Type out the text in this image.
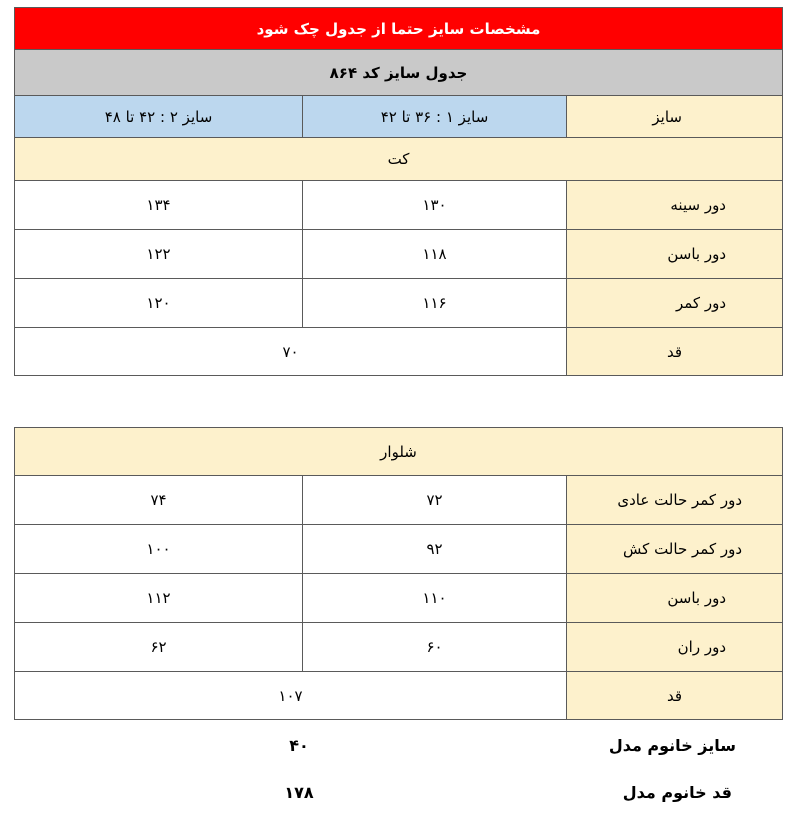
مشخصات سایز حتما از جدول چک شود		
جدول سایز کد ۸۶۴		
سایز ۲ : ۴۲ تا ۴۸	سایز ۱ : ۳۶ تا ۴۲	سایز
کت		
۱۳۴	۱۳۰	دور سینه
۱۲۲	۱۱۸	دور باسن
۱۲۰	۱۱۶	دور کمر
۷۰		قد
شلوار		
۷۴	۷۲	دور کمر حالت عادی
۱۰۰	۹۲	دور کمر حالت کش
۱۱۲	۱۱۰	دور باسن
۶۲	۶۰	دور ران
۱۰۷		قد
۴۰	سایز خانوم مدل
۱۷۸	قد خانوم مدل
